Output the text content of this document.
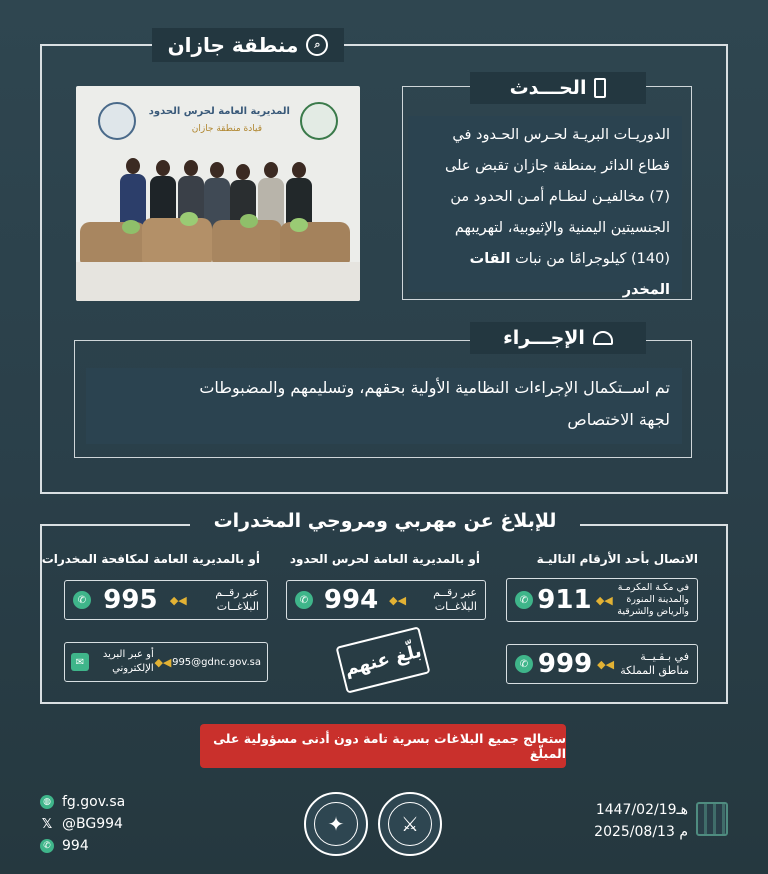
⌕
منطقة جازان
المديرية العامة لحرس الحدود
قيادة منطقة جازان
الحـــدث
الدوريـات البريـة لحـرس الحـدود في
قطاع الدائر بمنطقة جازان تقبض على
(7) مخالفيـن لنظـام أمـن الحدود من
الجنسيتين اليمنية والإثيوبية، لتهريبهم
(140) كيلوجرامًا من نبات القات المخدر
الإجـــراء
تم اســتكمال الإجراءات النظامية الأولية بحقهم، وتسليمهم والمضبوطات
لجهة الاختصاص
للإبلاغ عن مهربي ومروجي المخدرات
الاتصال بأحد الأرقام التاليـة
أو بالمديرية العامة لحرس الحدود
أو بالمديرية العامة لمكافحة المخدرات
✆ 911 ◆◀
في مكـة المكرمـة والمدينة المنورة والرياض والشرقية
✆ 999 ◆◀
في بـقـيــة مناطق المملكة
✆ 994 ◆◀
عبر رقــم البلاغــات
بلّغ عنهم
✆ 995 ◆◀
عبر رقــم البلاغــات
✉
أو عبر البريد الإلكتروني ◆◀ 995@gdnc.gov.sa
ستعالج جميع البلاغات بسرية تامة دون أدنى مسؤولية على المبلّغ
◍ fg.gov.sa
𝕏 @BG994
✆ 994
✦	⚔
1447/02/19هـ
2025/08/13 م
